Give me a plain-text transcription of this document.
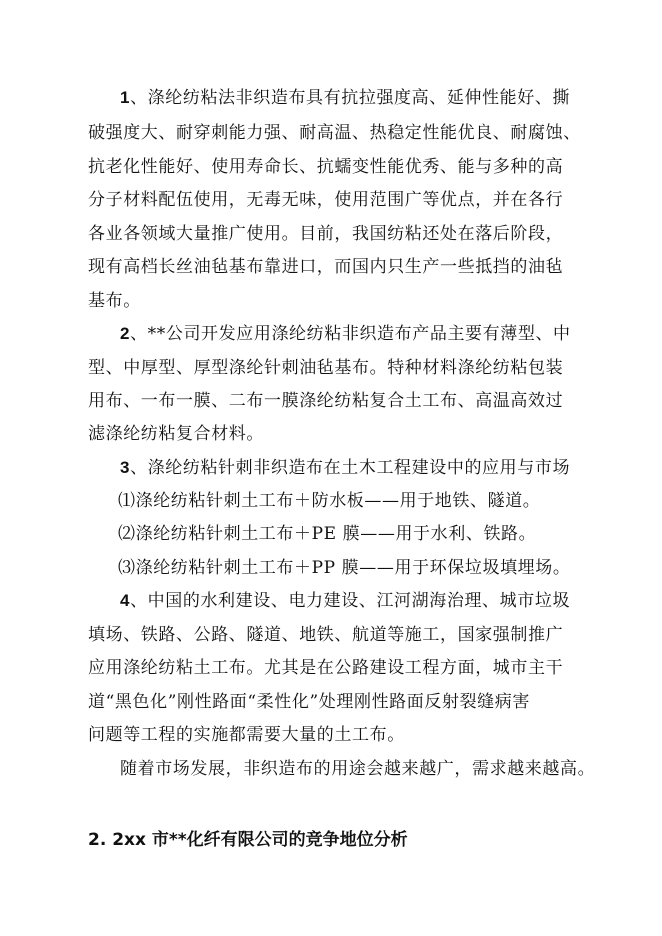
1、涤纶纺粘法非织造布具有抗拉强度高、延伸性能好、撕
破强度大、耐穿刺能力强、耐高温、热稳定性能优良、耐腐蚀、
抗老化性能好、使用寿命长、抗蠕变性能优秀、能与多种的高
分子材料配伍使用，无毒无味，使用范围广等优点，并在各行
各业各领域大量推广使用。目前，我国纺粘还处在落后阶段，
现有高档长丝油毡基布靠进口，而国内只生产一些抵挡的油毡
基布。
2、**公司开发应用涤纶纺粘非织造布产品主要有薄型、中
型、中厚型、厚型涤纶针刺油毡基布。特种材料涤纶纺粘包装
用布、一布一膜、二布一膜涤纶纺粘复合土工布、高温高效过
滤涤纶纺粘复合材料。
3、涤纶纺粘针刺非织造布在土木工程建设中的应用与市场
⑴涤纶纺粘针刺土工布＋防水板——用于地铁、隧道。
⑵涤纶纺粘针刺土工布＋PE 膜——用于水利、铁路。
⑶涤纶纺粘针刺土工布＋PP 膜——用于环保垃圾填埋场。
4、中国的水利建设、电力建设、江河湖海治理、城市垃圾
填场、铁路、公路、隧道、地铁、航道等施工，国家强制推广
应用涤纶纺粘土工布。尤其是在公路建设工程方面，城市主干
道“黑色化”刚性路面“柔性化”处理刚性路面反射裂缝病害
问题等工程的实施都需要大量的土工布。
随着市场发展，非织造布的用途会越来越广，需求越来越高。
2. 2xx 市**化纤有限公司的竞争地位分析
